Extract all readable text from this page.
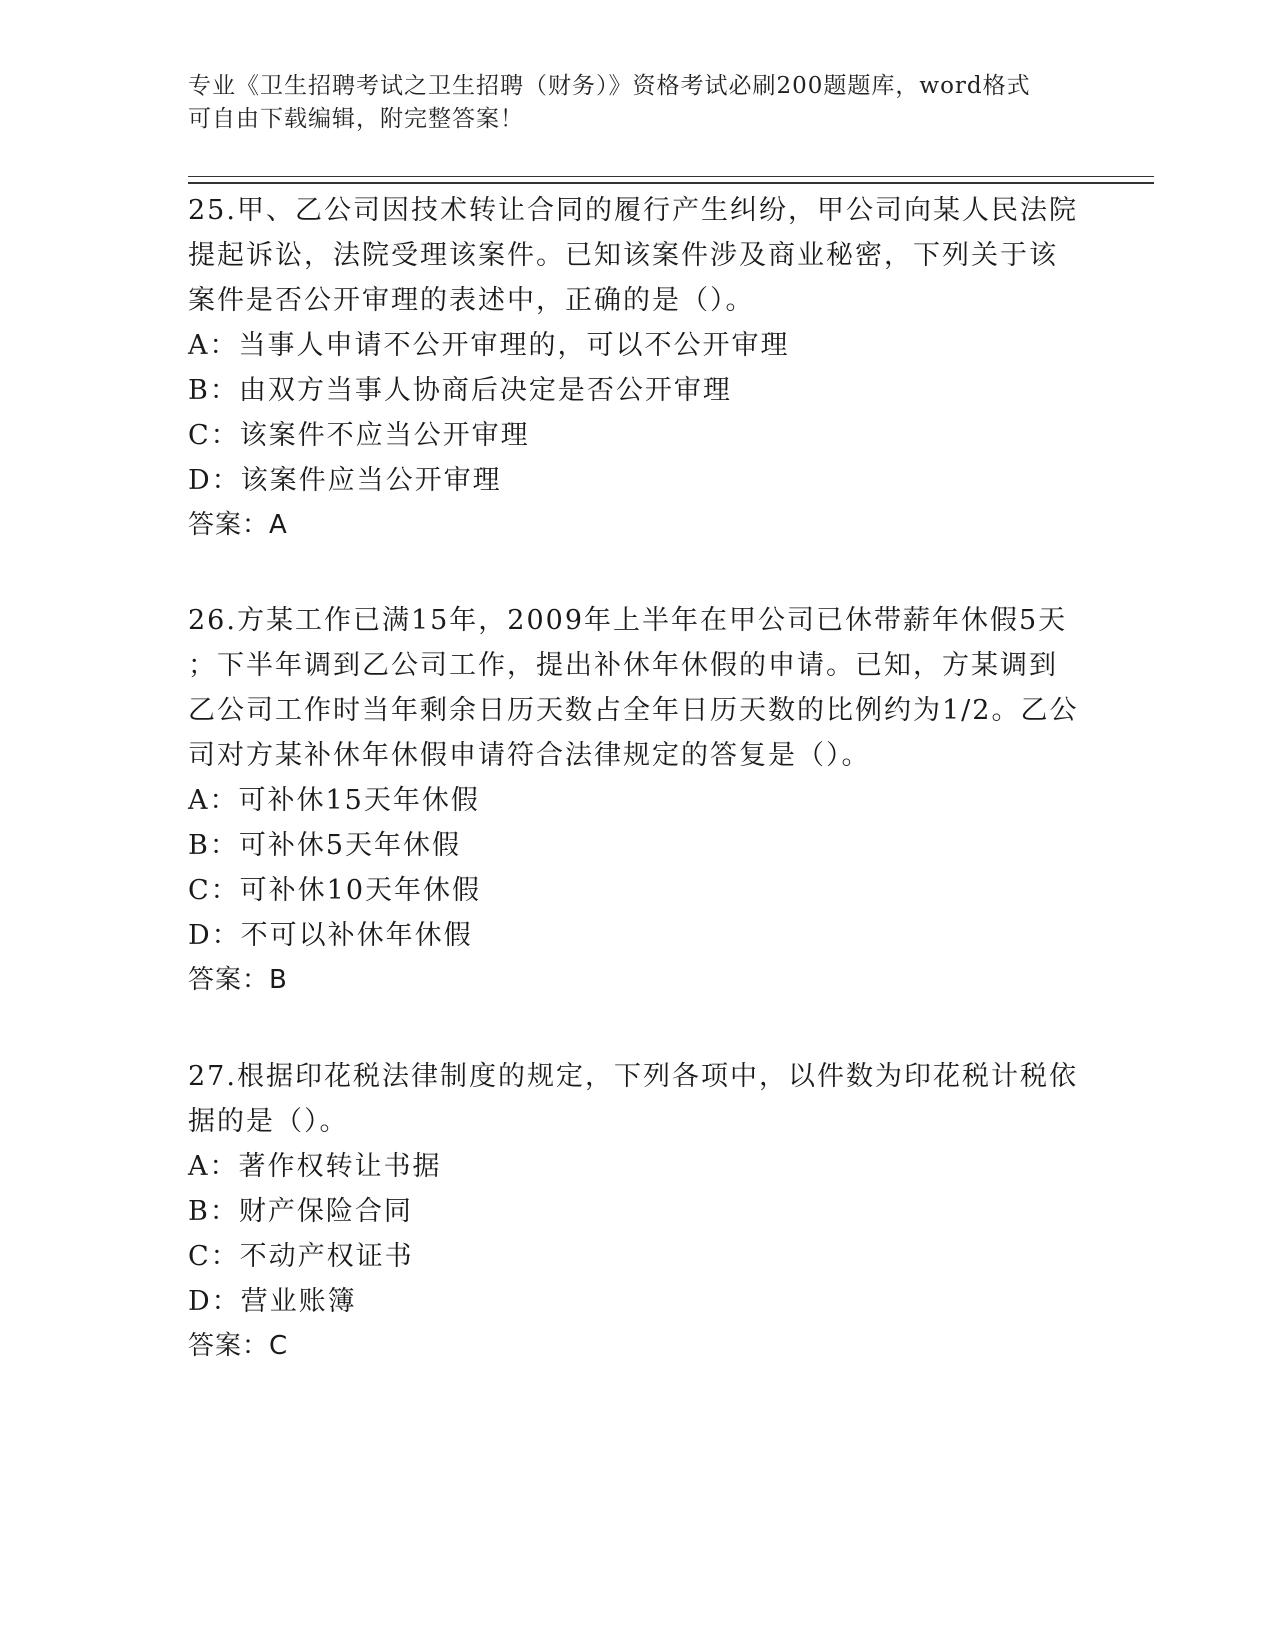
专业《卫生招聘考试之卫生招聘（财务）》资格考试必刷200题题库，word格式
可自由下载编辑，附完整答案！

25.甲、乙公司因技术转让合同的履行产生纠纷，甲公司向某人民法院

提起诉讼，法院受理该案件。已知该案件涉及商业秘密，下列关于该

案件是否公开审理的表述中，正确的是（）。

A：当事人申请不公开审理的，可以不公开审理

B：由双方当事人协商后决定是否公开审理

C：该案件不应当公开审理

D：该案件应当公开审理

答案：A

26.方某工作已满15年，2009年上半年在甲公司已休带薪年休假5天

；下半年调到乙公司工作，提出补休年休假的申请。已知，方某调到

乙公司工作时当年剩余日历天数占全年日历天数的比例约为1/2。乙公

司对方某补休年休假申请符合法律规定的答复是（）。

A：可补休15天年休假

B：可补休5天年休假

C：可补休10天年休假

D：不可以补休年休假

答案：B

27.根据印花税法律制度的规定，下列各项中，以件数为印花税计税依

据的是（）。

A：著作权转让书据

B：财产保险合同

C：不动产权证书

D：营业账簿

答案：C
